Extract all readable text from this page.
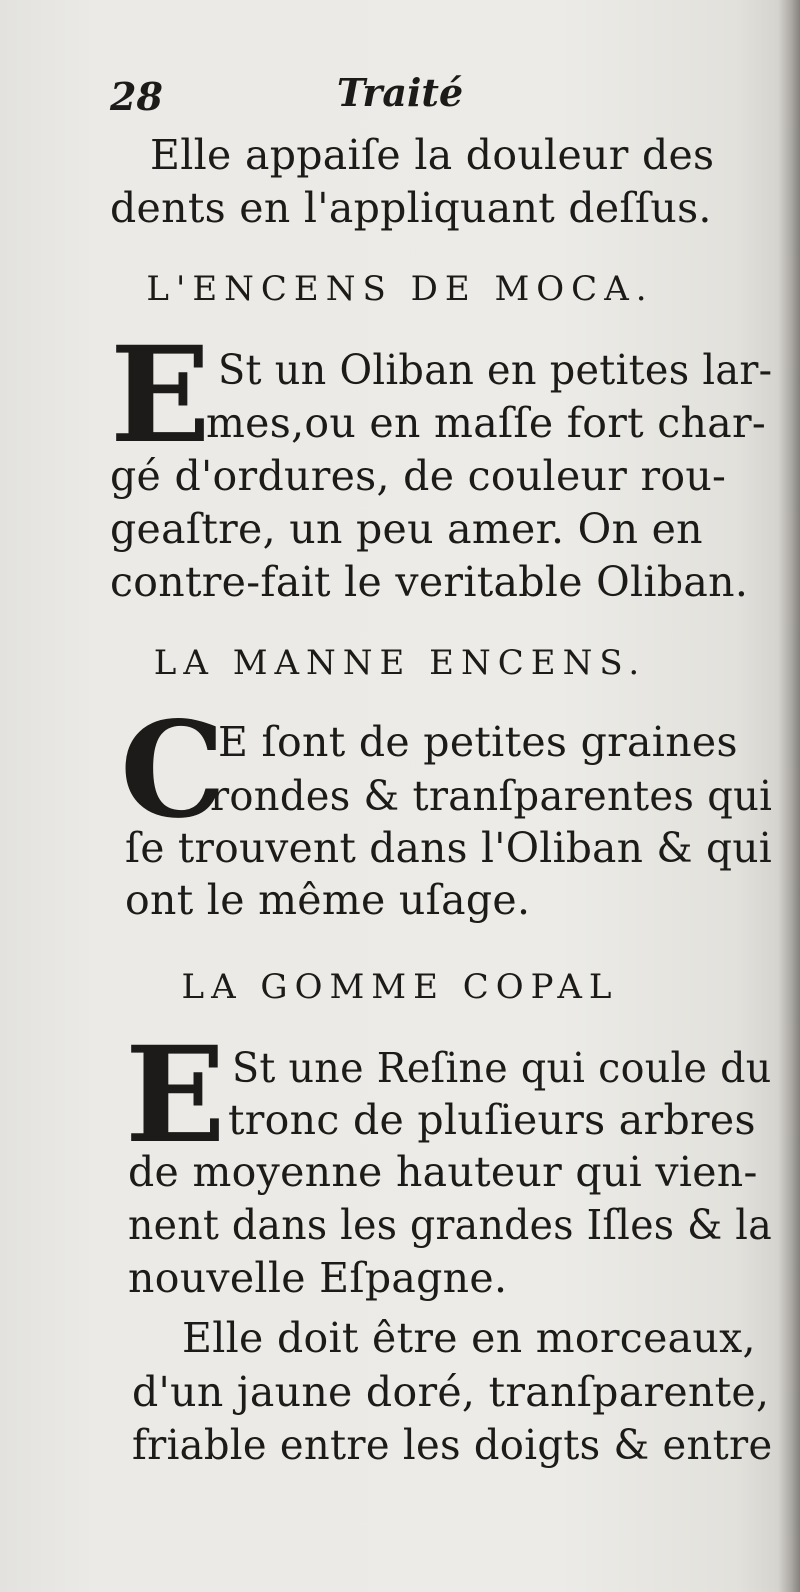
28	Traité
Elle appaiſe la douleur des
dents en l'appliquant deſſus.
L'ENCENS DE MOCA.
E St un Oliban en petites lar-
mes,ou en maſſe fort char-
gé d'ordures, de couleur rou-
geaſtre, un peu amer. On en
contre-fait le veritable Oliban.
LA MANNE ENCENS.
C
E ſont de petites graines
rondes & tranſparentes qui
ſe trouvent dans l'Oliban & qui
ont le même uſage.
LA GOMME COPAL
E St une Reſine qui coule du
tronc de pluſieurs arbres
de moyenne hauteur qui vien-
nent dans les grandes Iſles & la
nouvelle Eſpagne.
Elle doit être en morceaux,
d'un jaune doré, tranſparente,
friable entre les doigts & entre
